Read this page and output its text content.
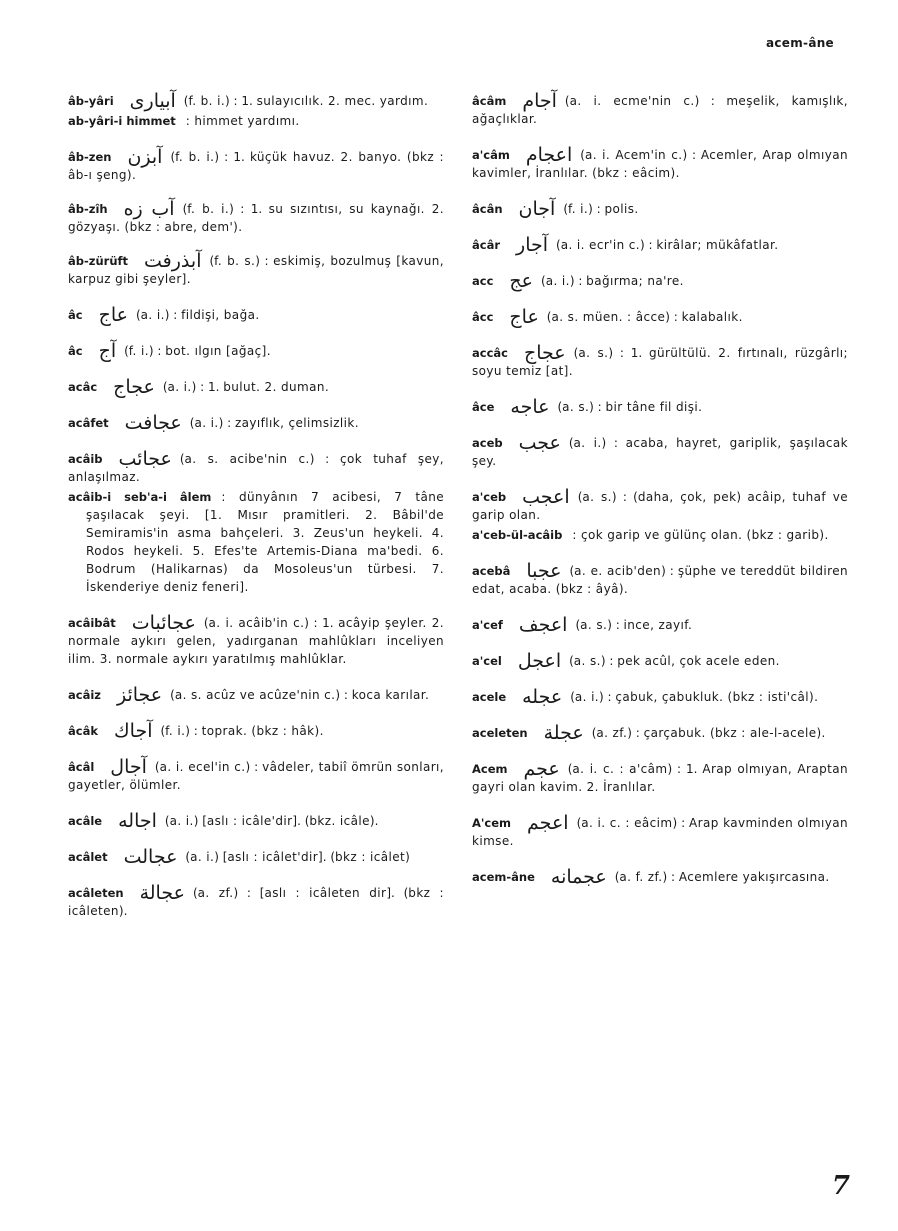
acem-âne

âb-yâri آبیاری (f. b. i.) : 1. sulayıcılık. 2. mec. yardım.

ab-yâri-i himmet : himmet yardımı.

âb-zen آبزن (f. b. i.) : 1. küçük havuz. 2. banyo. (bkz : âb-ı şeng).

âb-zîh آب زه (f. b. i.) : 1. su sızıntısı, su kaynağı. 2. gözyaşı. (bkz : abre, dem').

âb-zürüft آبذرفت (f. b. s.) : eskimiş, bozulmuş [kavun, karpuz gibi şeyler].

âc عاج (a. i.) : fildişi, bağa.

âc آج (f. i.) : bot. ılgın [ağaç].

acâc عجاج (a. i.) : 1. bulut. 2. duman.

acâfet عجافت (a. i.) : zayıflık, çelimsizlik.

acâib عجائب (a. s. acibe'nin c.) : çok tuhaf şey, anlaşılmaz.

acâib-i seb'a-i âlem : dünyânın 7 acibesi, 7 tâne şaşılacak şeyi. [1. Mısır pramitleri. 2. Bâbil'de Semiramis'in asma bahçeleri. 3. Zeus'un heykeli. 4. Rodos heykeli. 5. Efes'te Artemis-Diana ma'bedi. 6. Bodrum (Halikarnas) da Mosoleus'un türbesi. 7. İskenderiye deniz feneri].

acâibât عجائبات (a. i. acâib'in c.) : 1. acâyip şeyler. 2. normale aykırı gelen, yadırganan mahlûkları inceliyen ilim. 3. normale aykırı yaratılmış mahlûklar.

acâiz عجائز (a. s. acûz ve acûze'nin c.) : koca karılar.

âcâk آجاك (f. i.) : toprak. (bkz : hâk).

âcâl آجال (a. i. ecel'in c.) : vâdeler, tabiî ömrün sonları, gayetler, ölümler.

acâle اجاله (a. i.) [aslı : icâle'dir]. (bkz. icâle).

acâlet عجالت (a. i.) [aslı : icâlet'dir]. (bkz : icâlet)

acâleten عجالة (a. zf.) : [aslı : icâleten dir]. (bkz : icâleten).

âcâm آجام (a. i. ecme'nin c.) : meşelik, kamışlık, ağaçlıklar.

a'câm اعجام (a. i. Acem'in c.) : Acemler, Arap olmıyan kavimler, İranlılar. (bkz : eâcim).

âcân آجان (f. i.) : polis.

âcâr آجار (a. i. ecr'in c.) : kirâlar; mükâfatlar.

acc عج (a. i.) : bağırma; na're.

âcc عاج (a. s. müen. : âcce) : kalabalık.

accâc عجاج (a. s.) : 1. gürültülü. 2. fırtınalı, rüzgârlı; soyu temiz [at].

âce عاجه (a. s.) : bir tâne fil dişi.

aceb عجب (a. i.) : acaba, hayret, gariplik, şaşılacak şey.

a'ceb اعجب (a. s.) : (daha, çok, pek) acâip, tuhaf ve garip olan.

a'ceb-ül-acâib : çok garip ve gülünç olan. (bkz : garib).

acebâ عجبا (a. e. acib'den) : şüphe ve tereddüt bildiren edat, acaba. (bkz : âyâ).

a'cef اعجف (a. s.) : ince, zayıf.

a'cel اعجل (a. s.) : pek acûl, çok acele eden.

acele عجله (a. i.) : çabuk, çabukluk. (bkz : isti'câl).

aceleten عجلة (a. zf.) : çarçabuk. (bkz : ale-l-acele).

Acem عجم (a. i. c. : a'câm) : 1. Arap olmıyan, Araptan gayri olan kavim. 2. İranlılar.

A'cem اعجم (a. i. c. : eâcim) : Arap kavminden olmıyan kimse.

acem-âne عجمانه (a. f. zf.) : Acemlere yakışırcasına.

7
